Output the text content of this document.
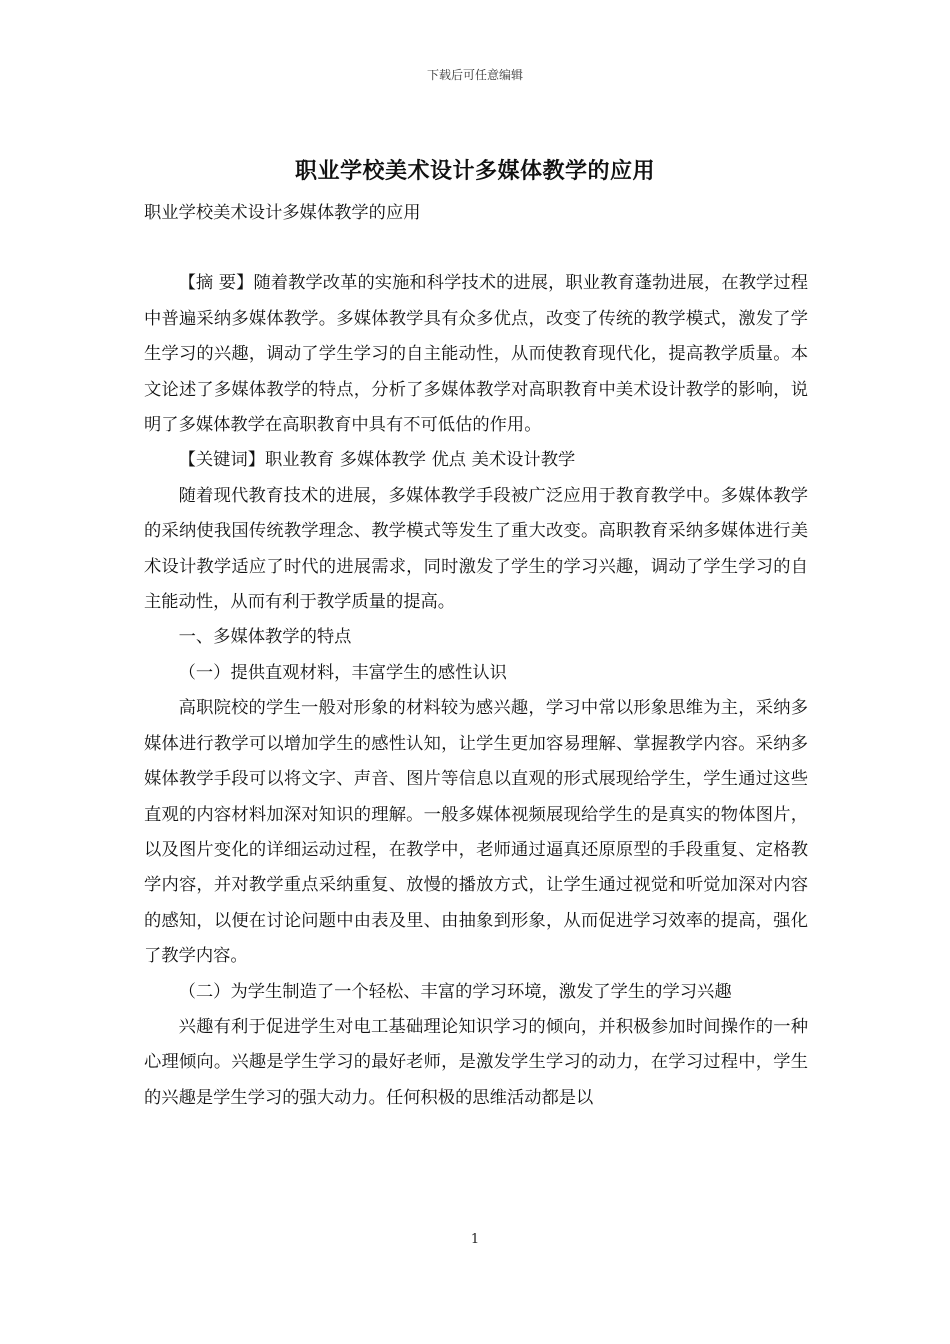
下载后可任意编辑
职业学校美术设计多媒体教学的应用

职业学校美术设计多媒体教学的应用

【摘 要】随着教学改革的实施和科学技术的进展，职业教育蓬勃进展，在教学过程中普遍采纳多媒体教学。多媒体教学具有众多优点，改变了传统的教学模式，激发了学生学习的兴趣，调动了学生学习的自主能动性，从而使教育现代化，提高教学质量。本文论述了多媒体教学的特点，分析了多媒体教学对高职教育中美术设计教学的影响，说明了多媒体教学在高职教育中具有不可低估的作用。

【关键词】职业教育 多媒体教学 优点 美术设计教学

随着现代教育技术的进展，多媒体教学手段被广泛应用于教育教学中。多媒体教学的采纳使我国传统教学理念、教学模式等发生了重大改变。高职教育采纳多媒体进行美术设计教学适应了时代的进展需求，同时激发了学生的学习兴趣，调动了学生学习的自主能动性，从而有利于教学质量的提高。

一、多媒体教学的特点

（一）提供直观材料，丰富学生的感性认识

高职院校的学生一般对形象的材料较为感兴趣，学习中常以形象思维为主，采纳多媒体进行教学可以增加学生的感性认知，让学生更加容易理解、掌握教学内容。采纳多媒体教学手段可以将文字、声音、图片等信息以直观的形式展现给学生，学生通过这些直观的内容材料加深对知识的理解。一般多媒体视频展现给学生的是真实的物体图片，以及图片变化的详细运动过程，在教学中，老师通过逼真还原原型的手段重复、定格教学内容，并对教学重点采纳重复、放慢的播放方式，让学生通过视觉和听觉加深对内容的感知，以便在讨论问题中由表及里、由抽象到形象，从而促进学习效率的提高，强化了教学内容。

（二）为学生制造了一个轻松、丰富的学习环境，激发了学生的学习兴趣

兴趣有利于促进学生对电工基础理论知识学习的倾向，并积极参加时间操作的一种心理倾向。兴趣是学生学习的最好老师，是激发学生学习的动力，在学习过程中，学生的兴趣是学生学习的强大动力。任何积极的思维活动都是以

1
